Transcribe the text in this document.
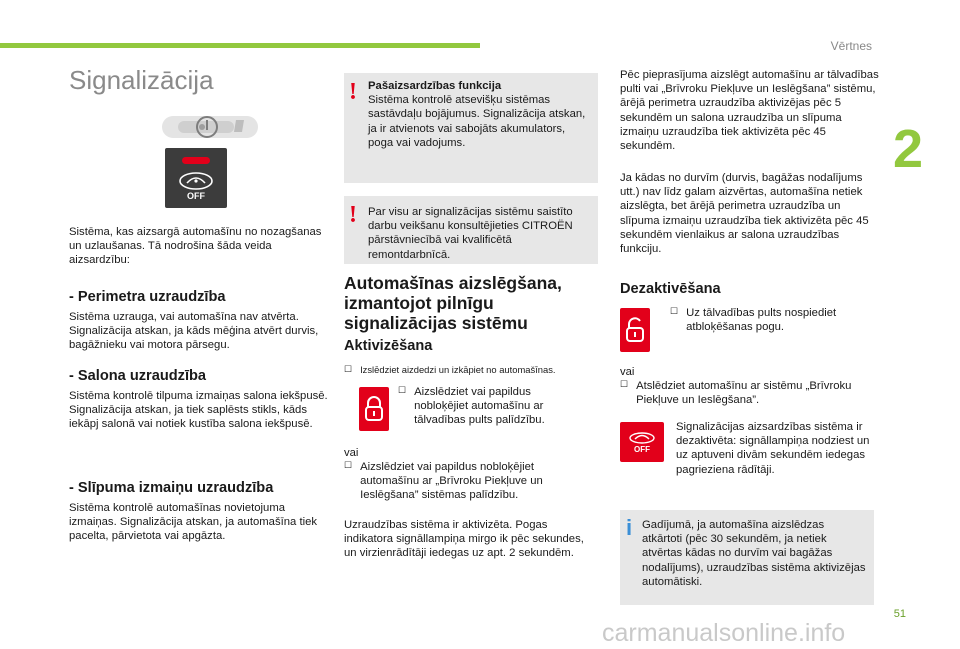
Vērtnes
2
Signalizācija
OFF
Sistēma, kas aizsargā automašīnu no nozagšanas un uzlaušanas. Tā nodrošina šāda veida aizsardzību:
- Perimetra uzraudzība
Sistēma uzrauga, vai automašīna nav atvērta. Signalizācija atskan, ja kāds mēģina atvērt durvis, bagāžnieku vai motora pārsegu.
- Salona uzraudzība
Sistēma kontrolē tilpuma izmaiņas salona iekšpusē. Signalizācija atskan, ja tiek saplēsts stikls, kāds iekāpj salonā vai notiek kustība salona iekšpusē.
- Slīpuma izmaiņu uzraudzība
Sistēma kontrolē automašīnas novietojuma izmaiņas. Signalizācija atskan, ja automašīna tiek pacelta, pārvietota vai apgāzta.
! Pašaizsardzības funkcija
Sistēma kontrolē atsevišķu sistēmas sastāvdaļu bojājumus. Signalizācija atskan, ja ir atvienots vai sabojāts akumulators, poga vai vadojums.
! Par visu ar signalizācijas sistēmu saistīto darbu veikšanu konsultējieties CITROËN pārstāvniecībā vai kvalificētā remontdarbnīcā.
Automašīnas aizslēgšana, izmantojot pilnīgu signalizācijas sistēmu
Aktivizēšana
☐ Izslēdziet aizdedzi un izkāpiet no automašīnas.
☐ Aizslēdziet vai papildus nobloķējiet automašīnu ar tālvadības pults palīdzību.
vai
☐ Aizslēdziet vai papildus nobloķējiet automašīnu ar „Brīvroku Piekļuve un Ieslēgšana” sistēmas palīdzību.
Uzraudzības sistēma ir aktivizēta. Pogas indikatora signāllampiņa mirgo ik pēc sekundes, un virzienrādītāji iedegas uz apt. 2 sekundēm.
Pēc pieprasījuma aizslēgt automašīnu ar tālvadības pulti vai „Brīvroku Piekļuve un Ieslēgšana” sistēmu, ārējā perimetra uzraudzība aktivizējas pēc 5 sekundēm un salona uzraudzība un slīpuma izmaiņu uzraudzība tiek aktivizēta pēc 45 sekundēm.
Ja kādas no durvīm (durvis, bagāžas nodalījums utt.) nav līdz galam aizvērtas, automašīna netiek aizslēgta, bet ārējā perimetra uzraudzība un slīpuma izmaiņu uzraudzība tiek aktivizēta pēc 45 sekundēm vienlaikus ar salona uzraudzības funkciju.
Dezaktivēšana
☐ Uz tālvadības pults nospiediet atbloķēšanas pogu.
vai
☐ Atslēdziet automašīnu ar sistēmu „Brīvroku Piekļuve un Ieslēgšana”.
OFF
Signalizācijas aizsardzības sistēma ir dezaktivēta: signāllampiņa nodziest un uz aptuveni divām sekundēm iedegas pagrieziena rādītāji.
i Gadījumā, ja automašīna aizslēdzas atkārtoti (pēc 30 sekundēm, ja netiek atvērtas kādas no durvīm vai bagāžas nodalījums), uzraudzības sistēma aktivizējas automātiski.
51
carmanualsonline.info
